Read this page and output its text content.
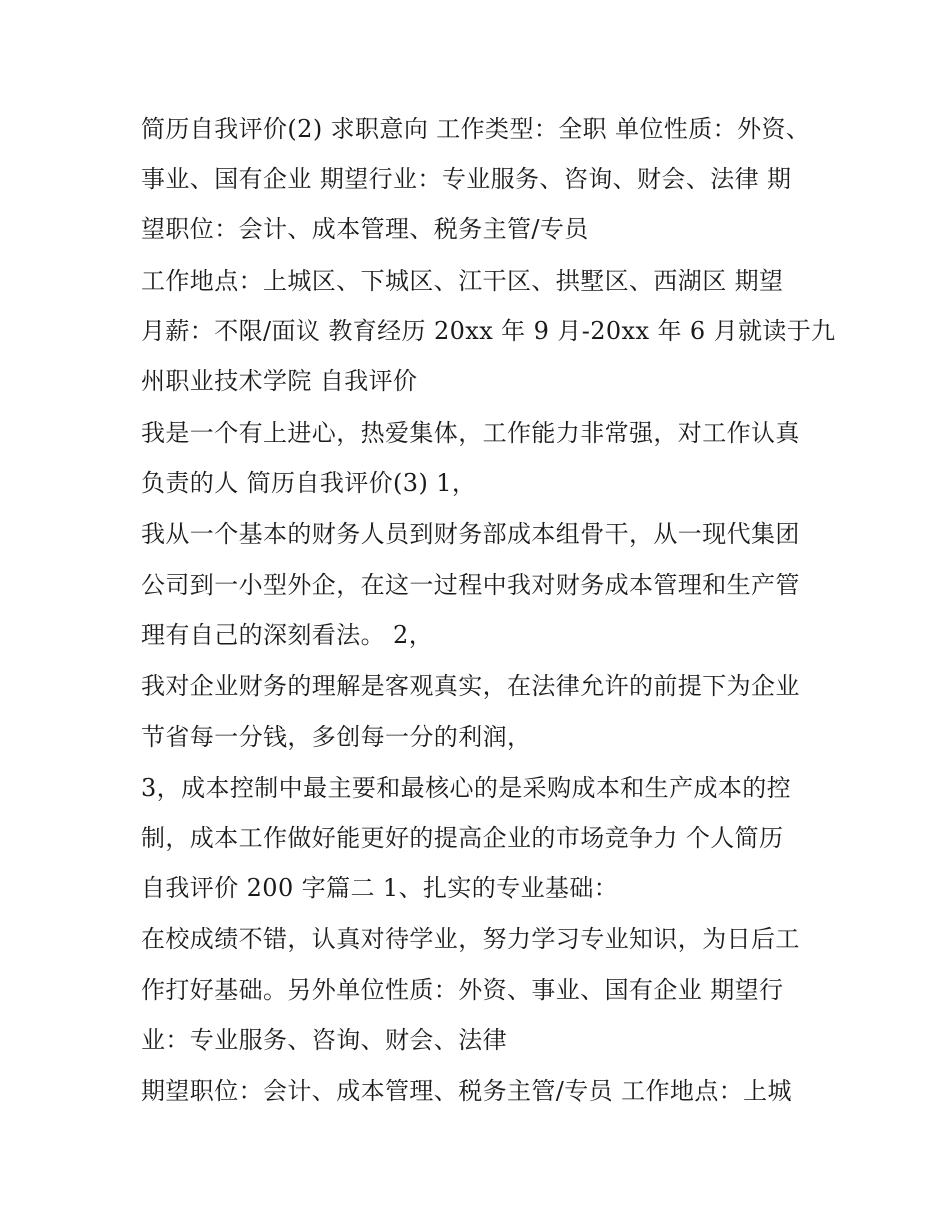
简历自我评价(2) 求职意向 工作类型：全职 单位性质：外资、
事业、国有企业 期望行业：专业服务、咨询、财会、法律 期
望职位：会计、成本管理、税务主管/专员
工作地点：上城区、下城区、江干区、拱墅区、西湖区 期望
月薪：不限/面议 教育经历 20xx 年 9 月-20xx 年 6 月就读于九
州职业技术学院 自我评价
我是一个有上进心，热爱集体，工作能力非常强，对工作认真
负责的人 简历自我评价(3) 1，
我从一个基本的财务人员到财务部成本组骨干，从一现代集团
公司到一小型外企，在这一过程中我对财务成本管理和生产管
理有自己的深刻看法。 2，
我对企业财务的理解是客观真实，在法律允许的前提下为企业
节省每一分钱，多创每一分的利润，
3，成本控制中最主要和最核心的是采购成本和生产成本的控
制，成本工作做好能更好的提高企业的市场竞争力 个人简历
自我评价 200 字篇二 1、扎实的专业基础：
在校成绩不错，认真对待学业，努力学习专业知识，为日后工
作打好基础。另外单位性质：外资、事业、国有企业 期望行
业：专业服务、咨询、财会、法律
期望职位：会计、成本管理、税务主管/专员 工作地点：上城
